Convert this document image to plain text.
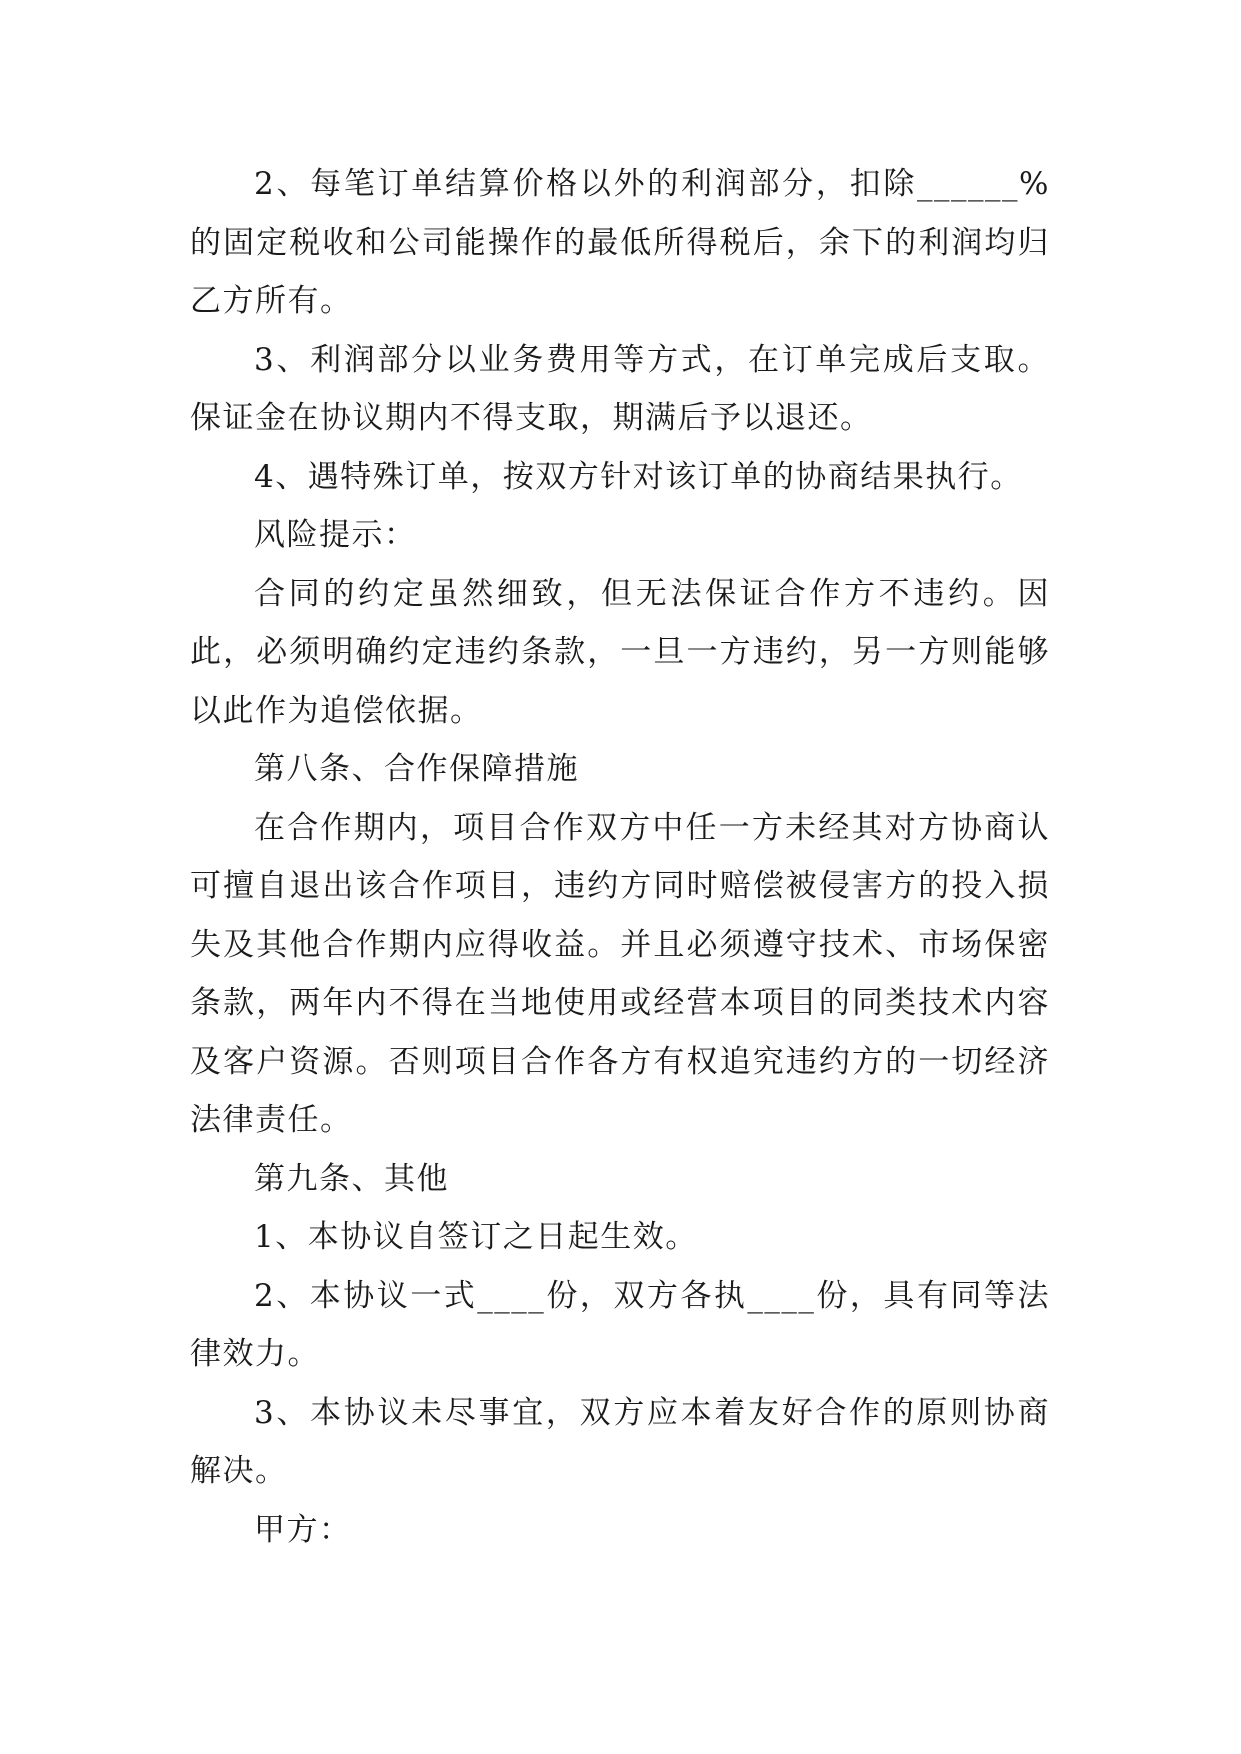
2、每笔订单结算价格以外的利润部分，扣除______%的固定税收和公司能操作的最低所得税后，余下的利润均归乙方所有。

3、利润部分以业务费用等方式，在订单完成后支取。保证金在协议期内不得支取，期满后予以退还。

4、遇特殊订单，按双方针对该订单的协商结果执行。

风险提示：

合同的约定虽然细致，但无法保证合作方不违约。因此，必须明确约定违约条款，一旦一方违约，另一方则能够以此作为追偿依据。

第八条、合作保障措施

在合作期内，项目合作双方中任一方未经其对方协商认可擅自退出该合作项目，违约方同时赔偿被侵害方的投入损失及其他合作期内应得收益。并且必须遵守技术、市场保密条款，两年内不得在当地使用或经营本项目的同类技术内容及客户资源。否则项目合作各方有权追究违约方的一切经济法律责任。

第九条、其他

1、本协议自签订之日起生效。

2、本协议一式____份，双方各执____份，具有同等法律效力。

3、本协议未尽事宜，双方应本着友好合作的原则协商解决。

甲方：
